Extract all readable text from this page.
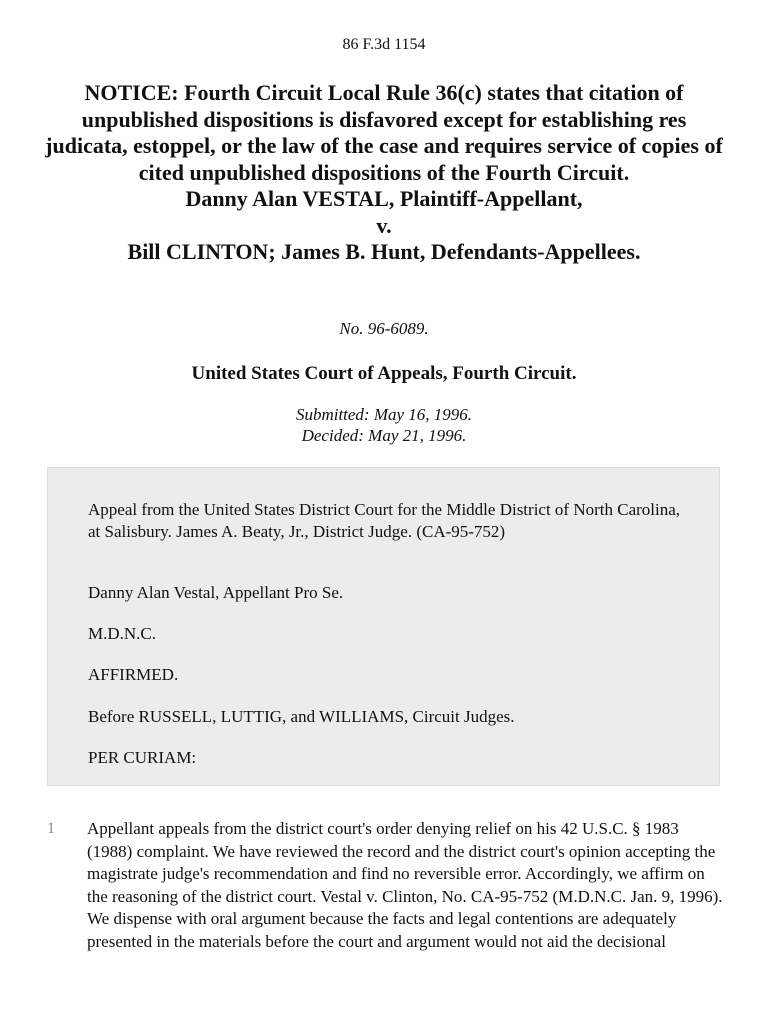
86 F.3d 1154
NOTICE: Fourth Circuit Local Rule 36(c) states that citation of unpublished dispositions is disfavored except for establishing res judicata, estoppel, or the law of the case and requires service of copies of cited unpublished dispositions of the Fourth Circuit.
Danny Alan VESTAL, Plaintiff-Appellant,
v.
Bill CLINTON; James B. Hunt, Defendants-Appellees.
No. 96-6089.
United States Court of Appeals, Fourth Circuit.
Submitted: May 16, 1996.
Decided: May 21, 1996.

Appeal from the United States District Court for the Middle District of North Carolina, at Salisbury. James A. Beaty, Jr., District Judge. (CA-95-752)

Danny Alan Vestal, Appellant Pro Se.

M.D.N.C.

AFFIRMED.

Before RUSSELL, LUTTIG, and WILLIAMS, Circuit Judges.

PER CURIAM:

1 Appellant appeals from the district court's order denying relief on his 42 U.S.C. § 1983 (1988) complaint. We have reviewed the record and the district court's opinion accepting the magistrate judge's recommendation and find no reversible error. Accordingly, we affirm on the reasoning of the district court. Vestal v. Clinton, No. CA-95-752 (M.D.N.C. Jan. 9, 1996). We dispense with oral argument because the facts and legal contentions are adequately presented in the materials before the court and argument would not aid the decisional
